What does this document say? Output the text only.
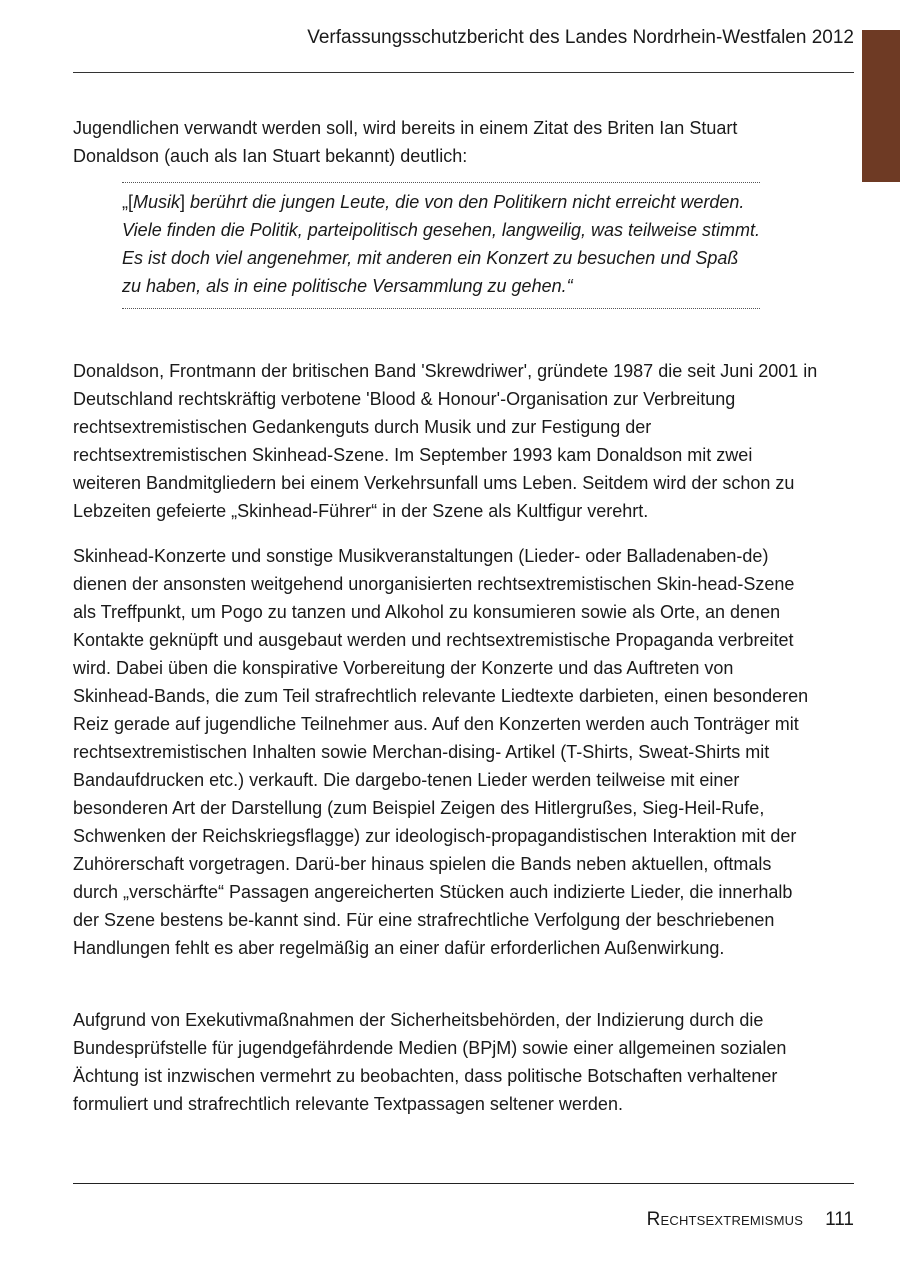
Verfassungsschutzbericht des Landes Nordrhein-Westfalen 2012

Jugendlichen verwandt werden soll, wird bereits in einem Zitat des Briten Ian Stuart Donaldson (auch als Ian Stuart bekannt) deutlich:

„[Musik] berührt die jungen Leute, die von den Politikern nicht erreicht werden. Viele finden die Politik, parteipolitisch gesehen, langweilig, was teilweise stimmt. Es ist doch viel angenehmer, mit anderen ein Konzert zu besuchen und Spaß zu haben, als in eine politische Versammlung zu gehen.“

Donaldson, Frontmann der britischen Band 'Skrewdriwer', gründete 1987 die seit Juni 2001 in Deutschland rechtskräftig verbotene 'Blood & Honour'-Organisation zur Verbreitung rechtsextremistischen Gedankenguts durch Musik und zur Festigung der rechtsextremistischen Skinhead-Szene. Im September 1993 kam Donaldson mit zwei weiteren Bandmitgliedern bei einem Verkehrsunfall ums Leben. Seitdem wird der schon zu Lebzeiten gefeierte „Skinhead-Führer“ in der Szene als Kultfigur verehrt.

Skinhead-Konzerte und sonstige Musikveranstaltungen (Lieder- oder Balladenaben-de) dienen der ansonsten weitgehend unorganisierten rechtsextremistischen Skin-head-Szene als Treffpunkt, um Pogo zu tanzen und Alkohol zu konsumieren sowie als Orte, an denen Kontakte geknüpft und ausgebaut werden und rechtsextremistische Propaganda verbreitet wird. Dabei üben die konspirative Vorbereitung der Konzerte und das Auftreten von Skinhead-Bands, die zum Teil strafrechtlich relevante Liedtexte darbieten, einen besonderen Reiz gerade auf jugendliche Teilnehmer aus. Auf den Konzerten werden auch Tonträger mit rechtsextremistischen Inhalten sowie Merchan-dising- Artikel (T-Shirts, Sweat-Shirts mit Bandaufdrucken etc.) verkauft. Die dargebo-tenen Lieder werden teilweise mit einer besonderen Art der Darstellung (zum Beispiel Zeigen des Hitlergrußes, Sieg-Heil-Rufe, Schwenken der Reichskriegsflagge) zur ideologisch-propagandistischen Interaktion mit der Zuhörerschaft vorgetragen. Darü-ber hinaus spielen die Bands neben aktuellen, oftmals durch „verschärfte“ Passagen angereicherten Stücken auch indizierte Lieder, die innerhalb der Szene bestens be-kannt sind. Für eine strafrechtliche Verfolgung der beschriebenen Handlungen fehlt es aber regelmäßig an einer dafür erforderlichen Außenwirkung.

Aufgrund von Exekutivmaßnahmen der Sicherheitsbehörden, der Indizierung durch die Bundesprüfstelle für jugendgefährdende Medien (BPjM) sowie einer allgemeinen sozialen Ächtung ist inzwischen vermehrt zu beobachten, dass politische Botschaften verhaltener formuliert und strafrechtlich relevante Textpassagen seltener werden.

Rechtsextremismus 111
